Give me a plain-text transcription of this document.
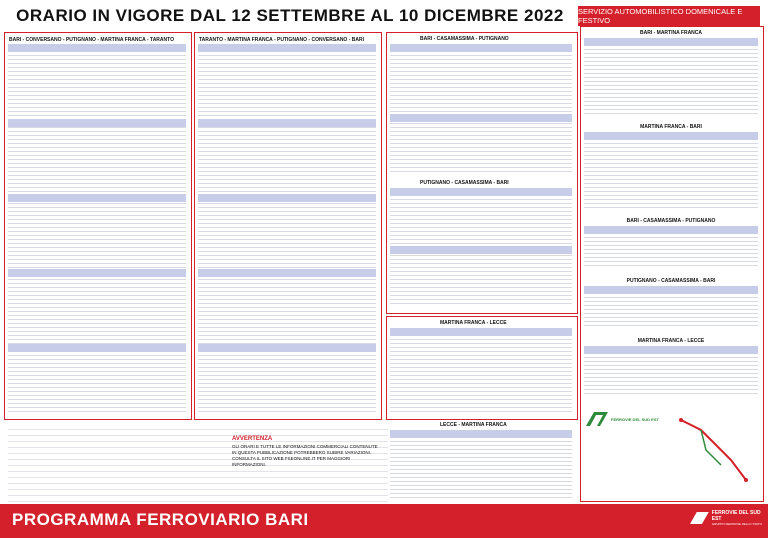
ORARIO IN VIGORE DAL 12 SETTEMBRE AL 10 DICEMBRE 2022	SERVIZIO AUTOMOBILISTICO DOMENICALE E FESTIVO
BARI - CONVERSANO - PUTIGNANO - MARTINA FRANCA - TARANTO	TARANTO - MARTINA FRANCA - PUTIGNANO - CONVERSANO - BARI	BARI - CASAMASSIMA - PUTIGNANO
PUTIGNANO - CASAMASSIMA - BARI
MARTINA FRANCA - LECCE
LECCE - MARTINA FRANCA
BARI - MARTINA FRANCA
MARTINA FRANCA - BARI
BARI - CASAMASSIMA - PUTIGNANO
PUTIGNANO - CASAMASSIMA - BARI
MARTINA FRANCA - LECCE
FERROVIE DEL SUD EST
AVVERTENZA
GLI ORARI E TUTTE LE INFORMAZIONI COMMERCIALI CONTENUTE IN QUESTA PUBBLICAZIONE POTREBBERO SUBIRE VARIAZIONI. CONSULTA IL SITO WEB FSEONLINE.IT PER MAGGIORI INFORMAZIONI.
PROGRAMMA FERROVIARIO BARI	FERROVIE DEL SUD EST
GRUPPO FERROVIE DELLO STATO
